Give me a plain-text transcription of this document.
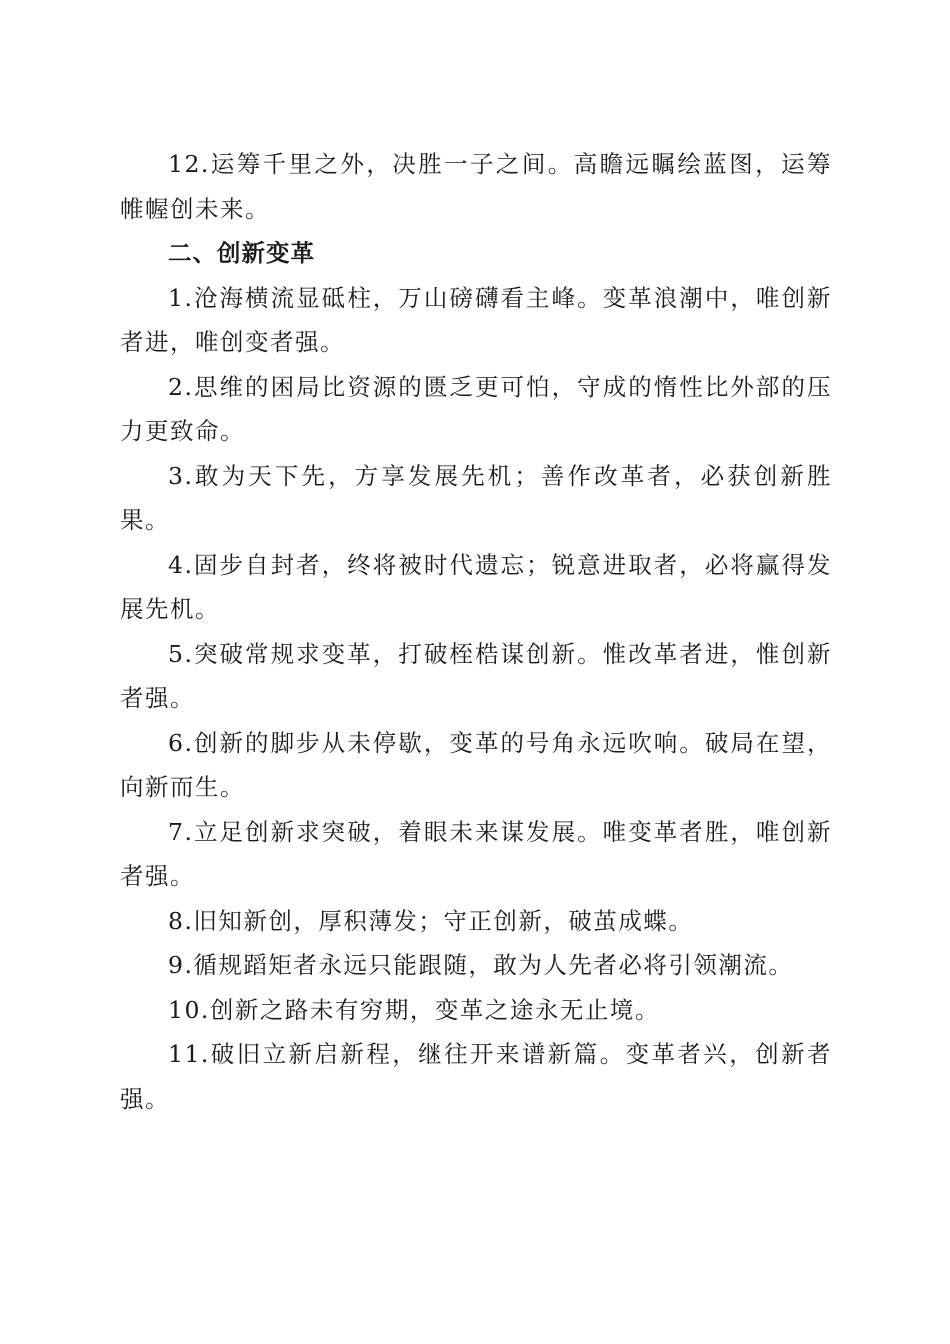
12.运筹千里之外，决胜一子之间。高瞻远瞩绘蓝图，运筹帷幄创未来。

二、创新变革

1.沧海横流显砥柱，万山磅礴看主峰。变革浪潮中，唯创新者进，唯创变者强。

2.思维的困局比资源的匮乏更可怕，守成的惰性比外部的压力更致命。

3.敢为天下先，方享发展先机；善作改革者，必获创新胜果。

4.固步自封者，终将被时代遗忘；锐意进取者，必将赢得发展先机。

5.突破常规求变革，打破桎梏谋创新。惟改革者进，惟创新者强。

6.创新的脚步从未停歇，变革的号角永远吹响。破局在望，向新而生。

7.立足创新求突破，着眼未来谋发展。唯变革者胜，唯创新者强。

8.旧知新创，厚积薄发；守正创新，破茧成蝶。

9.循规蹈矩者永远只能跟随，敢为人先者必将引领潮流。

10.创新之路未有穷期，变革之途永无止境。

11.破旧立新启新程，继往开来谱新篇。变革者兴，创新者强。
